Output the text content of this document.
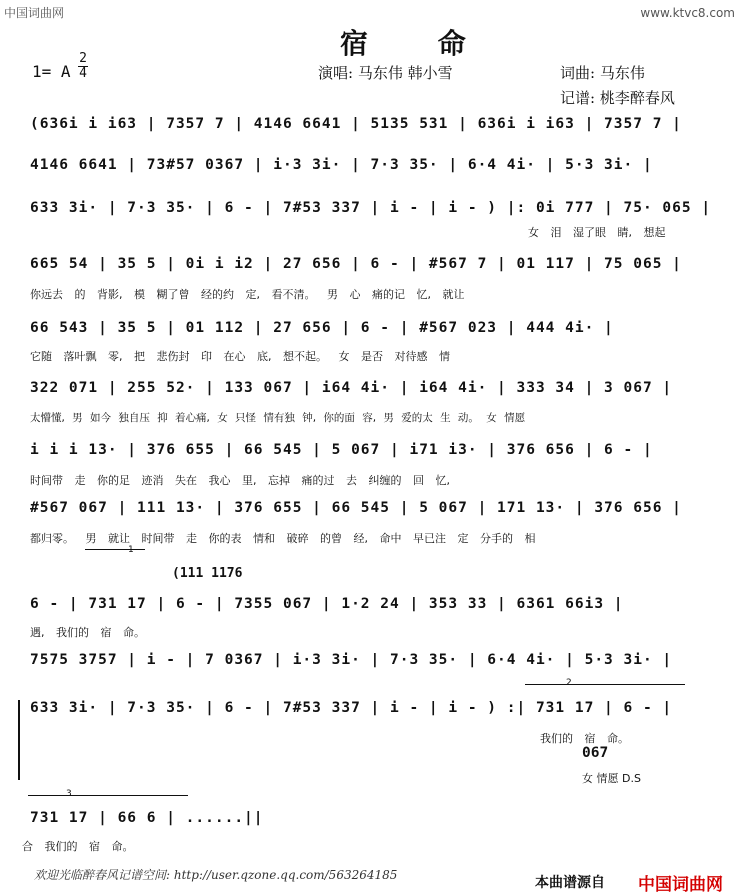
中国词曲网	www.ktvc8.com
宿 命
1= A
2
4	演唱: 马东伟 韩小雪	词曲: 马东伟
记谱: 桃李醉春风
(636i i i63 | 7357 7 | 4146 6641 | 5135 531 | 636i i i63 | 7357 7 |
4146 6641 | 73#57 0367 | i·3 3i· | 7·3 35· | 6·4 4i· | 5·3 3i· |
633 3i· | 7·3 35· | 6 - | 7#53 337 | i - | i - ) |: 0i 777 | 75· 065 |
女 泪 湿了眼 睛, 想起
665 54 | 35 5 | 0i i i2 | 27 656 | 6 - | #567 7 | 01 117 | 75 065 |
你远去 的 背影, 模 糊了曾 经的约 定, 看不清。 男 心 痛的记 忆, 就让
66 543 | 35 5 | 01 112 | 27 656 | 6 - | #567 023 | 444 4i· |
它随 落叶飘 零, 把 悲伤封 印 在心 底, 想不起。 女 是否 对待感 情
322 071 | 255 52· | 133 067 | i64 4i· | i64 4i· | 333 34 | 3 067 |
太懵懂, 男 如今 独自压 抑 着心痛, 女 只怪 情有独 钟, 你的面 容, 男 爱的太 生 动。 女 情愿
i i i 13· | 376 655 | 66 545 | 5 067 | i71 i3· | 376 656 | 6 - |
时间带 走 你的足 迹消 失在 我心 里, 忘掉 痛的过 去 纠缠的 回 忆,
#567 067 | 111 13· | 376 655 | 66 545 | 5 067 | 171 13· | 376 656 |
都归零。 男 就让 时间带 走 你的表 情和 破碎 的曾 经, 命中 早已注 定 分手的 相
1
(111 1176
6 - | 731 17 | 6 - | 7355 067 | 1·2 24 | 353 33 | 6361 66i3 |
遇, 我们的 宿 命。
7575 3757 | i - | 7 0367 | i·3 3i· | 7·3 35· | 6·4 4i· | 5·3 3i· |
2
633 3i· | 7·3 35· | 6 - | 7#53 337 | i - | i - ) :| 731 17 | 6 - |
我们的 宿 命。
067
女 情愿 D.S
3
731 17 | 66 6 | ......||
合 我们的 宿 命。
欢迎光临醉春风记谱空间: http://user.qzone.qq.com/563264185	本曲谱源自 中国词曲网
